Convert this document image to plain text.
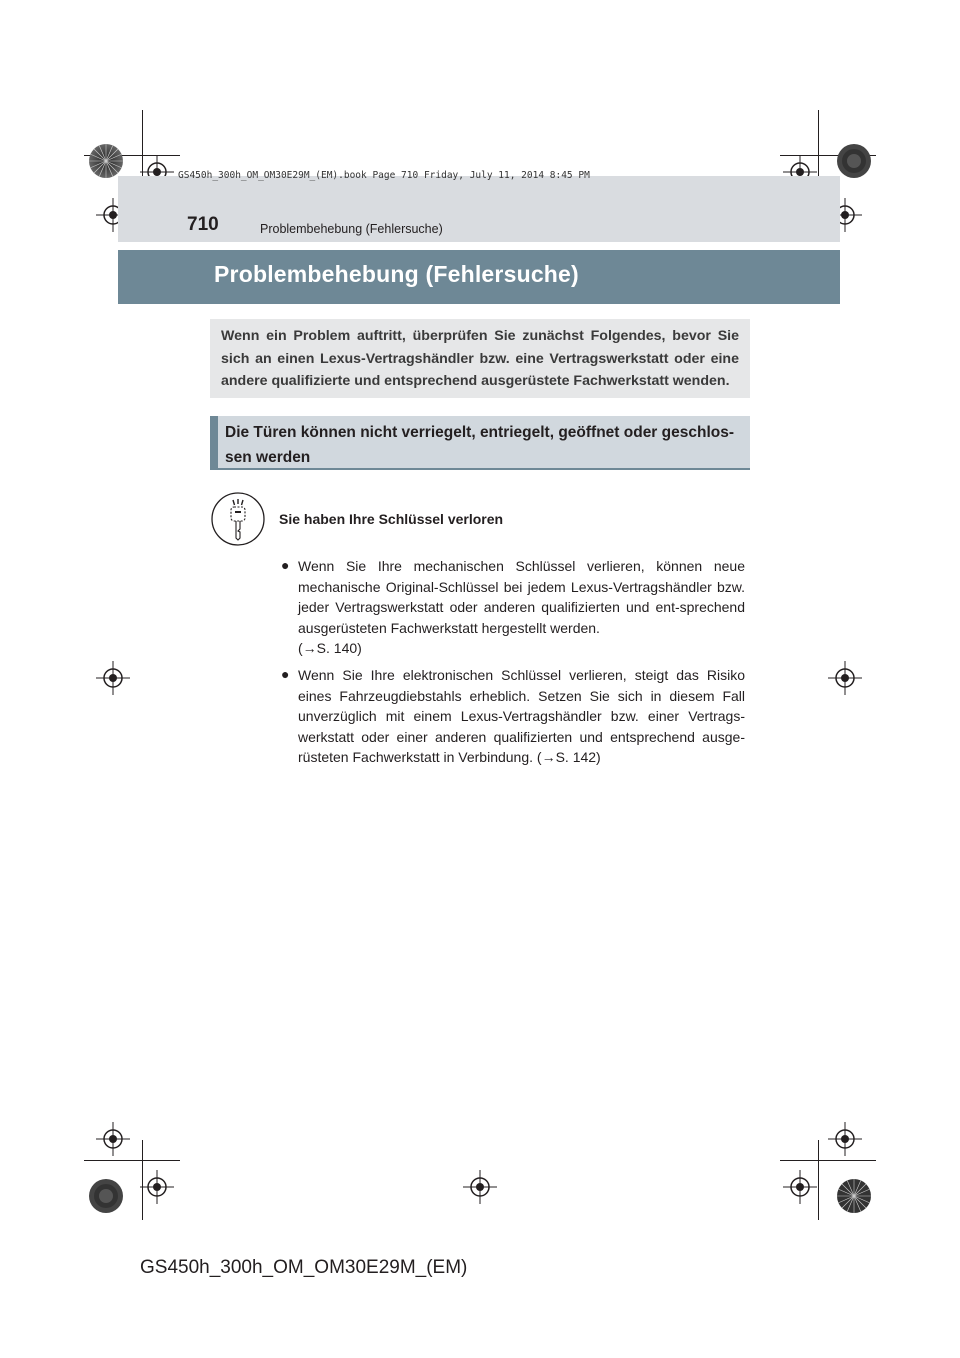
GS450h_300h_OM_OM30E29M_(EM).book Page 710 Friday, July 11, 2014 8:45 PM
710	Problembehebung (Fehlersuche)
Problembehebung (Fehlersuche)

Wenn ein Problem auftritt, überprüfen Sie zunächst Folgendes, bevor Sie sich an einen Lexus-Vertragshändler bzw. eine Vertragswerkstatt oder eine andere qualifizierte und entsprechend ausgerüstete Fachwerkstatt wenden.

Die Türen können nicht verriegelt, entriegelt, geöffnet oder geschlos-
sen werden

Sie haben Ihre Schlüssel verloren
● Wenn Sie Ihre mechanischen Schlüssel verlieren, können neue mechanische Original-Schlüssel bei jedem Lexus-Vertragshändler bzw. jeder Vertragswerkstatt oder anderen qualifizierten und ent-sprechend ausgerüsteten Fachwerkstatt hergestellt werden.
(→S. 140)

● Wenn Sie Ihre elektronischen Schlüssel verlieren, steigt das Risiko eines Fahrzeugdiebstahls erheblich. Setzen Sie sich in diesem Fall unverzüglich mit einem Lexus-Vertragshändler bzw. einer Vertrags-werkstatt oder einer anderen qualifizierten und entsprechend ausge-rüsteten Fachwerkstatt in Verbindung. (→S. 142)

GS450h_300h_OM_OM30E29M_(EM)
